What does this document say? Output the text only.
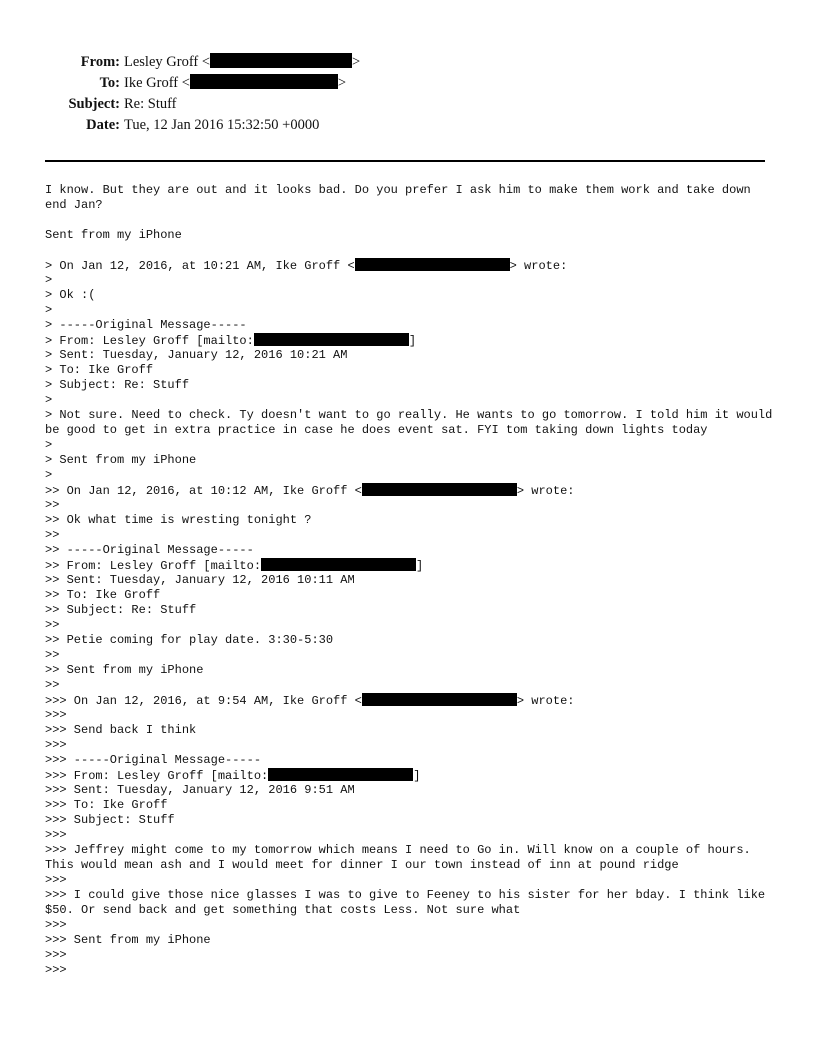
From: Lesley Groff <	>
To: Ike Groff <	>
Subject: Re: Stuff
Date: Tue, 12 Jan 2016 15:32:50 +0000
I know. But they are out and it looks bad. Do you prefer I ask him to make them work and take down end Jan?

Sent from my iPhone

> On Jan 12, 2016, at 10:21 AM, Ike Groff <	> wrote:
>
> Ok :(
>
> -----Original Message-----
> From: Lesley Groff [mailto:	]
> Sent: Tuesday, January 12, 2016 10:21 AM
> To: Ike Groff
> Subject: Re: Stuff
>
> Not sure. Need to check. Ty doesn't want to go really. He wants to go tomorrow. I told him it would be good to get in extra practice in case he does event sat. FYI tom taking down lights today
>
> Sent from my iPhone
>
>> On Jan 12, 2016, at 10:12 AM, Ike Groff <	> wrote:
>>
>> Ok what time is wresting tonight ?
>>
>> -----Original Message-----
>> From: Lesley Groff [mailto:	]
>> Sent: Tuesday, January 12, 2016 10:11 AM
>> To: Ike Groff
>> Subject: Re: Stuff
>>
>> Petie coming for play date. 3:30-5:30
>>
>> Sent from my iPhone
>>
>>> On Jan 12, 2016, at 9:54 AM, Ike Groff <	> wrote:
>>>
>>> Send back I think
>>>
>>> -----Original Message-----
>>> From: Lesley Groff [mailto:	]
>>> Sent: Tuesday, January 12, 2016 9:51 AM
>>> To: Ike Groff
>>> Subject: Stuff
>>>
>>> Jeffrey might come to my tomorrow which means I need to Go in. Will know on a couple of hours. This would mean ash and I would meet for dinner I our town instead of inn at pound ridge
>>>
>>> I could give those nice glasses I was to give to Feeney to his sister for her bday. I think like $50. Or send back and get something that costs Less. Not sure what
>>>
>>> Sent from my iPhone
>>>
>>>
